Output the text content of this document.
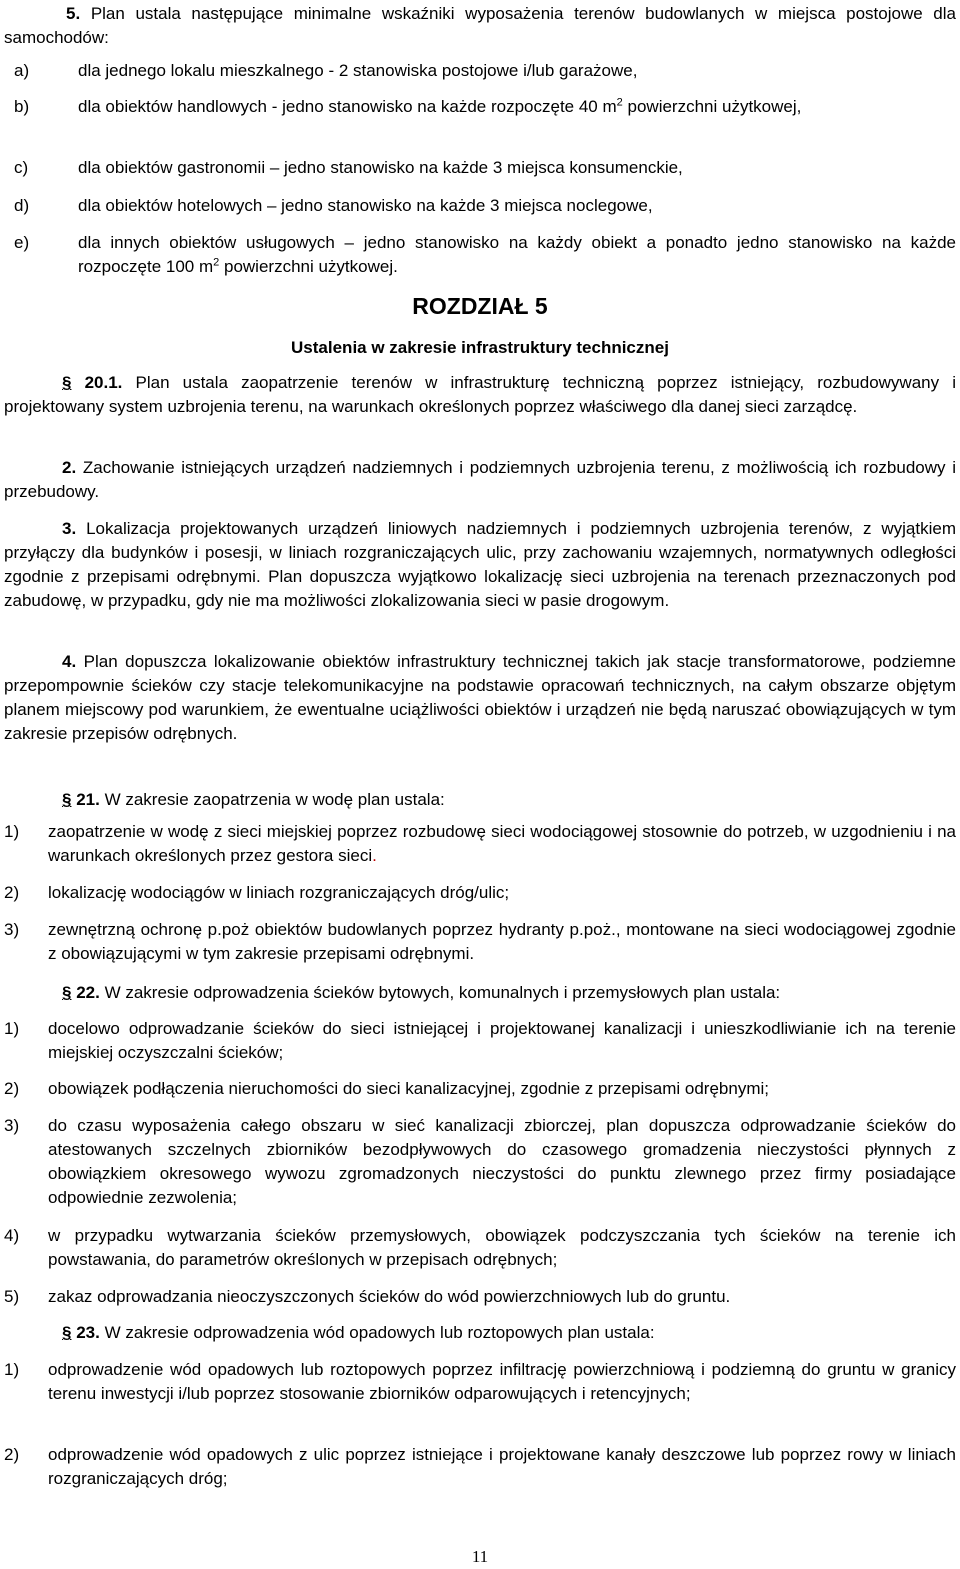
5. Plan ustala następujące minimalne wskaźniki wyposażenia terenów budowlanych w miejsca postojowe dla samochodów:
a)	dla jednego lokalu mieszkalnego - 2 stanowiska postojowe i/lub garażowe,
b)	dla obiektów handlowych - jedno stanowisko na każde rozpoczęte 40 $m^2$ powierzchni użytkowej,
c)	dla obiektów gastronomii – jedno stanowisko na każde 3 miejsca konsumenckie,
d)	dla obiektów hotelowych – jedno stanowisko na każde 3 miejsca noclegowe,
e)	dla innych obiektów usługowych – jedno stanowisko na każdy obiekt a ponadto jedno stanowisko na każde rozpoczęte 100 $m^2$ powierzchni użytkowej.
ROZDZIAŁ 5
Ustalenia w zakresie infrastruktury technicznej
§ 20.1. Plan ustala zaopatrzenie terenów w infrastrukturę techniczną poprzez istniejący, rozbudowywany i projektowany system uzbrojenia terenu, na warunkach określonych poprzez właściwego dla danej sieci zarządcę.
2. Zachowanie istniejących urządzeń nadziemnych i podziemnych uzbrojenia terenu, z możliwością ich rozbudowy i przebudowy.
3. Lokalizacja projektowanych urządzeń liniowych nadziemnych i podziemnych uzbrojenia terenów, z wyjątkiem przyłączy dla budynków i posesji, w liniach rozgraniczających ulic, przy zachowaniu wzajemnych, normatywnych odległości zgodnie z przepisami odrębnymi. Plan dopuszcza wyjątkowo lokalizację sieci uzbrojenia na terenach przeznaczonych pod zabudowę, w przypadku, gdy nie ma możliwości zlokalizowania sieci w pasie drogowym.
4. Plan dopuszcza lokalizowanie obiektów infrastruktury technicznej takich jak stacje transformatorowe, podziemne przepompownie ścieków czy stacje telekomunikacyjne na podstawie opracowań technicznych, na całym obszarze objętym planem miejscowy pod warunkiem, że ewentualne uciążliwości obiektów i urządzeń nie będą naruszać obowiązujących w tym zakresie przepisów odrębnych.
§ 21. W zakresie zaopatrzenia w wodę plan ustala:
1) zaopatrzenie w wodę z sieci miejskiej poprzez rozbudowę sieci wodociągowej stosownie do potrzeb, w uzgodnieniu i na warunkach określonych przez gestora sieci.
2) lokalizację wodociągów w liniach rozgraniczających dróg/ulic;
3) zewnętrzną ochronę p.poż obiektów budowlanych poprzez hydranty p.poż., montowane na sieci wodociągowej zgodnie z obowiązującymi w tym zakresie przepisami odrębnymi.
§ 22. W zakresie odprowadzenia ścieków bytowych, komunalnych i przemysłowych plan ustala:
1) docelowo odprowadzanie ścieków do sieci istniejącej i projektowanej kanalizacji i unieszkodliwianie ich na terenie miejskiej oczyszczalni ścieków;
2) obowiązek podłączenia nieruchomości do sieci kanalizacyjnej, zgodnie z przepisami odrębnymi;
3) do czasu wyposażenia całego obszaru w sieć kanalizacji zbiorczej, plan dopuszcza odprowadzanie ścieków do atestowanych szczelnych zbiorników bezodpływowych do czasowego gromadzenia nieczystości płynnych z obowiązkiem okresowego wywozu zgromadzonych nieczystości do punktu zlewnego przez firmy posiadające odpowiednie zezwolenia;
4) w przypadku wytwarzania ścieków przemysłowych, obowiązek podczyszczania tych ścieków na terenie ich powstawania, do parametrów określonych w przepisach odrębnych;
5) zakaz odprowadzania nieoczyszczonych ścieków do wód powierzchniowych lub do gruntu.
§ 23. W zakresie odprowadzenia wód opadowych lub roztopowych plan ustala:
1) odprowadzenie wód opadowych lub roztopowych poprzez infiltrację powierzchniową i podziemną do gruntu w granicy terenu inwestycji i/lub poprzez stosowanie zbiorników odparowujących i retencyjnych;
2) odprowadzenie wód opadowych z ulic poprzez istniejące i projektowane kanały deszczowe lub poprzez rowy w liniach rozgraniczających dróg;
11
